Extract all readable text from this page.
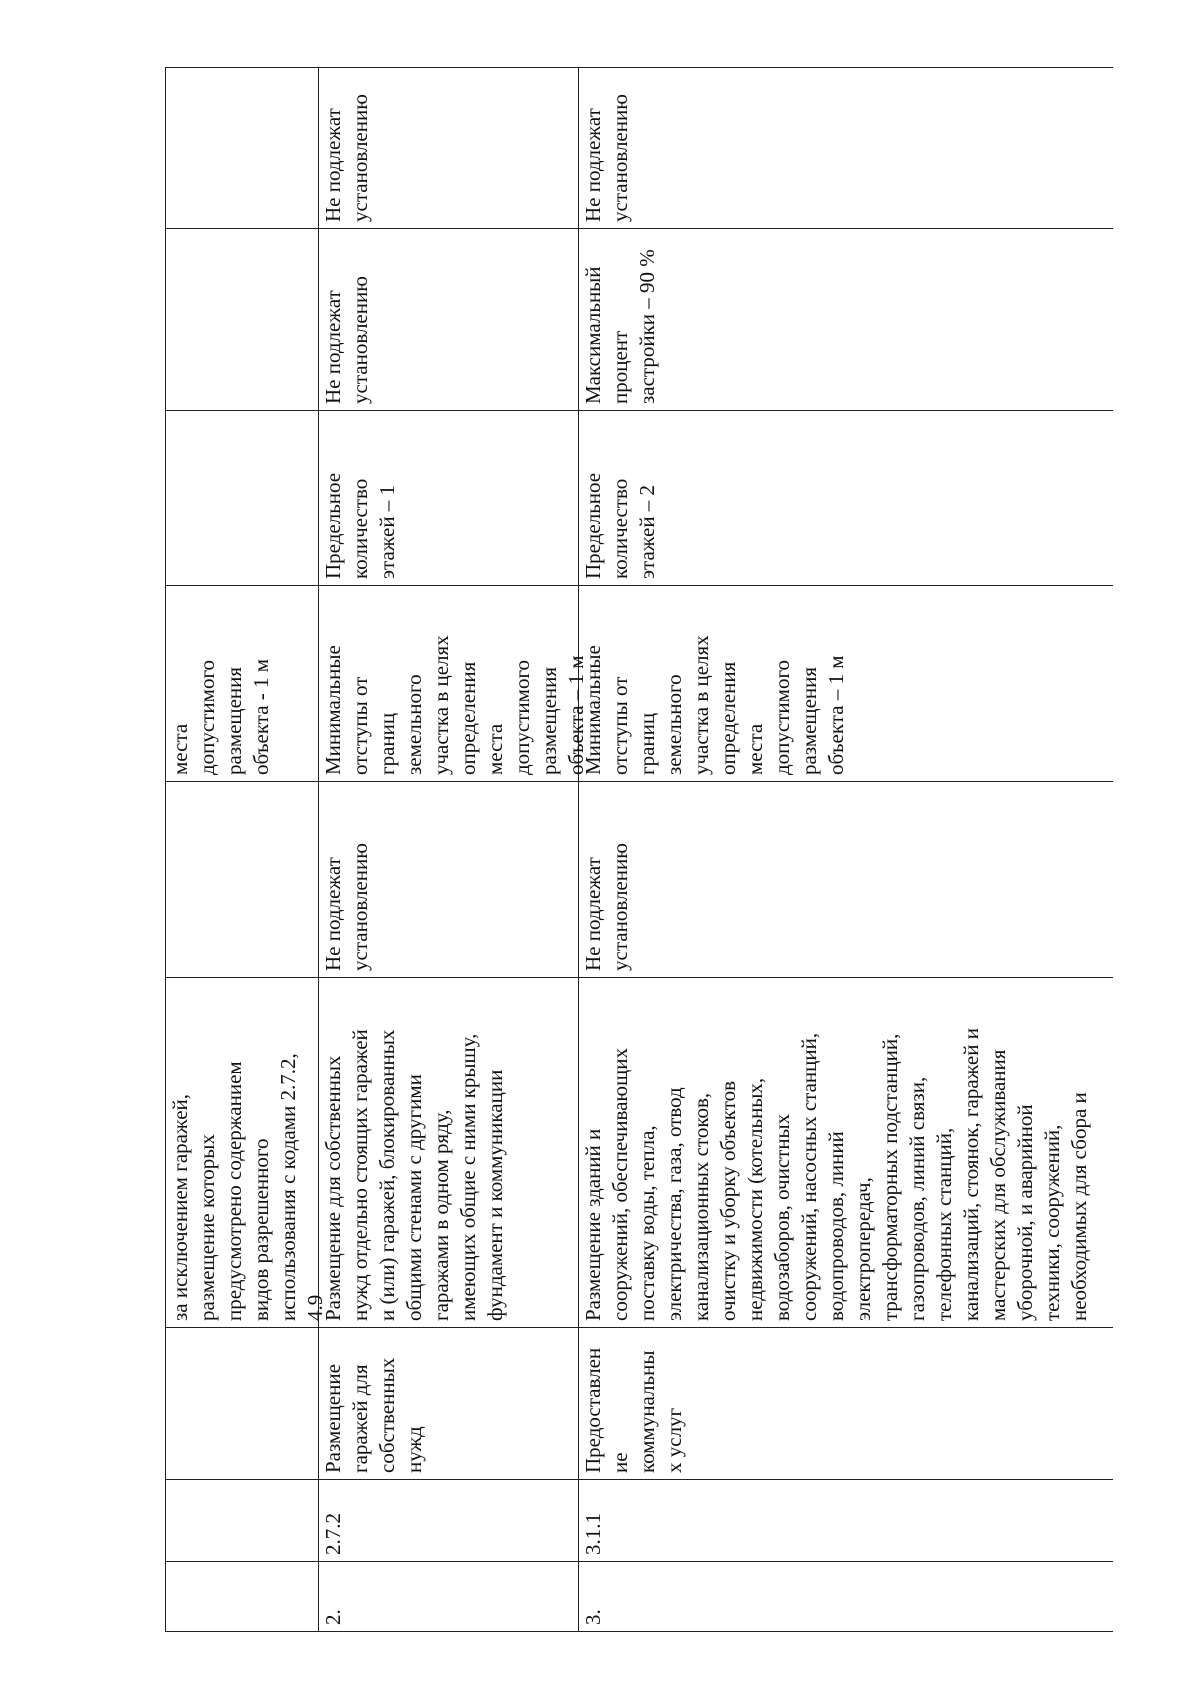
за исключением гаражей,
размещение которых
предусмотрено содержанием
видов разрешенного
использования с кодами 2.7.2,
4.9
места
допустимого
размещения
объекта - 1 м
2.
2.7.2
Размещение
гаражей для
собственных
нужд
Размещение для собственных
нужд отдельно стоящих гаражей
и (или) гаражей, блокированных
общими стенами с другими
гаражами в одном ряду,
имеющих общие с ними крышу,
фундамент и коммуникации
Не подлежат
установлению
Минимальные
отступы от
границ
земельного
участка в целях
определения
места
допустимого
размещения
объекта – 1 м
Предельное
количество
этажей – 1
Не подлежат
установлению
Не подлежат
установлению
3.
3.1.1
Предоставлен
ие
коммунальны
х услуг
Размещение зданий и
сооружений, обеспечивающих
поставку воды, тепла,
электричества, газа, отвод
канализационных стоков,
очистку и уборку объектов
недвижимости (котельных,
водозаборов, очистных
сооружений, насосных станций,
водопроводов, линий
электропередач,
трансформаторных подстанций,
газопроводов, линий связи,
телефонных станций,
канализаций, стоянок, гаражей и
мастерских для обслуживания
уборочной, и аварийной
техники, сооружений,
необходимых для сбора и
Не подлежат
установлению
Минимальные
отступы от
границ
земельного
участка в целях
определения
места
допустимого
размещения
объекта – 1 м
Предельное
количество
этажей – 2
Максимальный
процент
застройки – 90 %
Не подлежат
установлению
